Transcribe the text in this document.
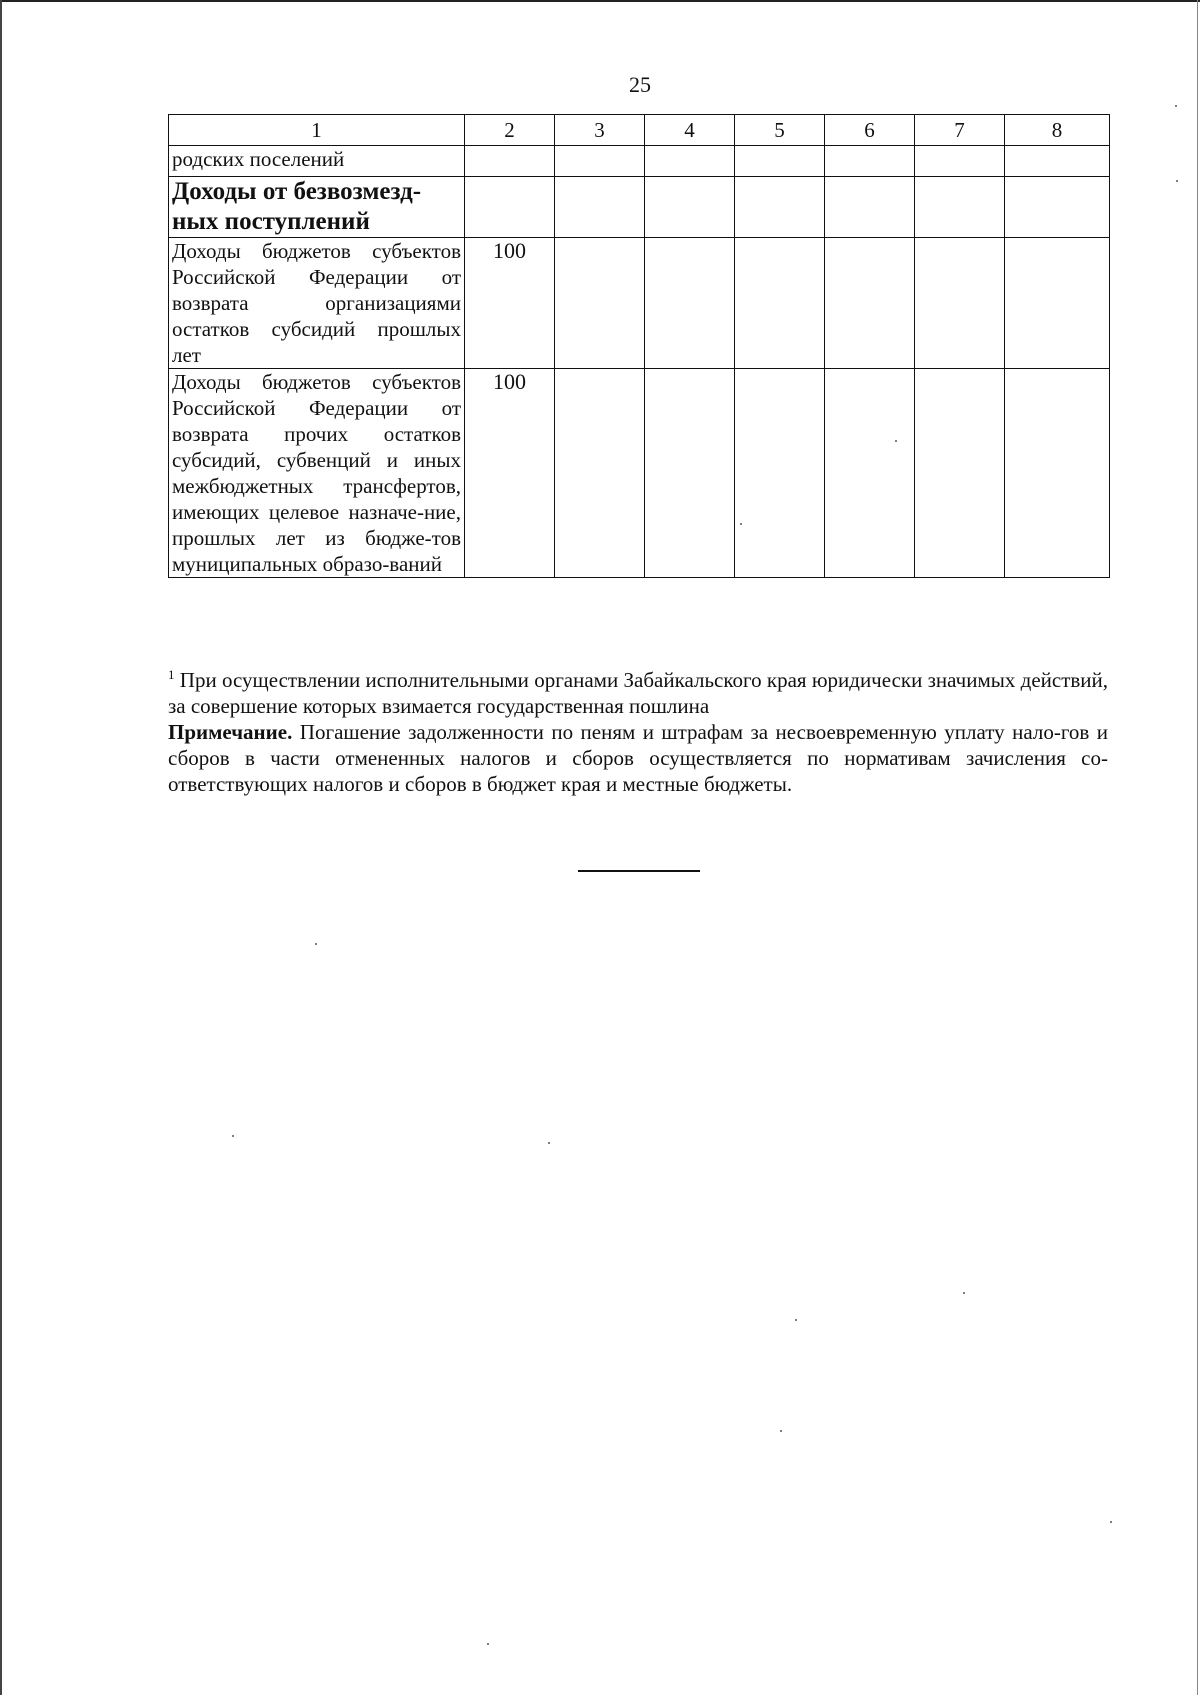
25
1	2	3	4	5	6	7	8
родских поселений							

Доходы от безвозмезд-
ных поступлений							

Доходы бюджетов субъектов Российской Федерации от возврата организациями остатков субсидий прошлых лет	100						
Доходы бюджетов субъектов Российской Федерации от возврата прочих остатков субсидий, субвенций и иных межбюджетных трансфертов, имеющих целевое назначе-ние, прошлых лет из бюдже-тов муниципальных образо-ваний	100						

$^1$ При осуществлении исполнительными органами Забайкальского края юридически значимых действий, за совершение которых взимается государственная пошлина

Примечание. Погашение задолженности по пеням и штрафам за несвоевременную уплату нало-гов и сборов в части отмененных налогов и сборов осуществляется по нормативам зачисления со-ответствующих налогов и сборов в бюджет края и местные бюджеты.
